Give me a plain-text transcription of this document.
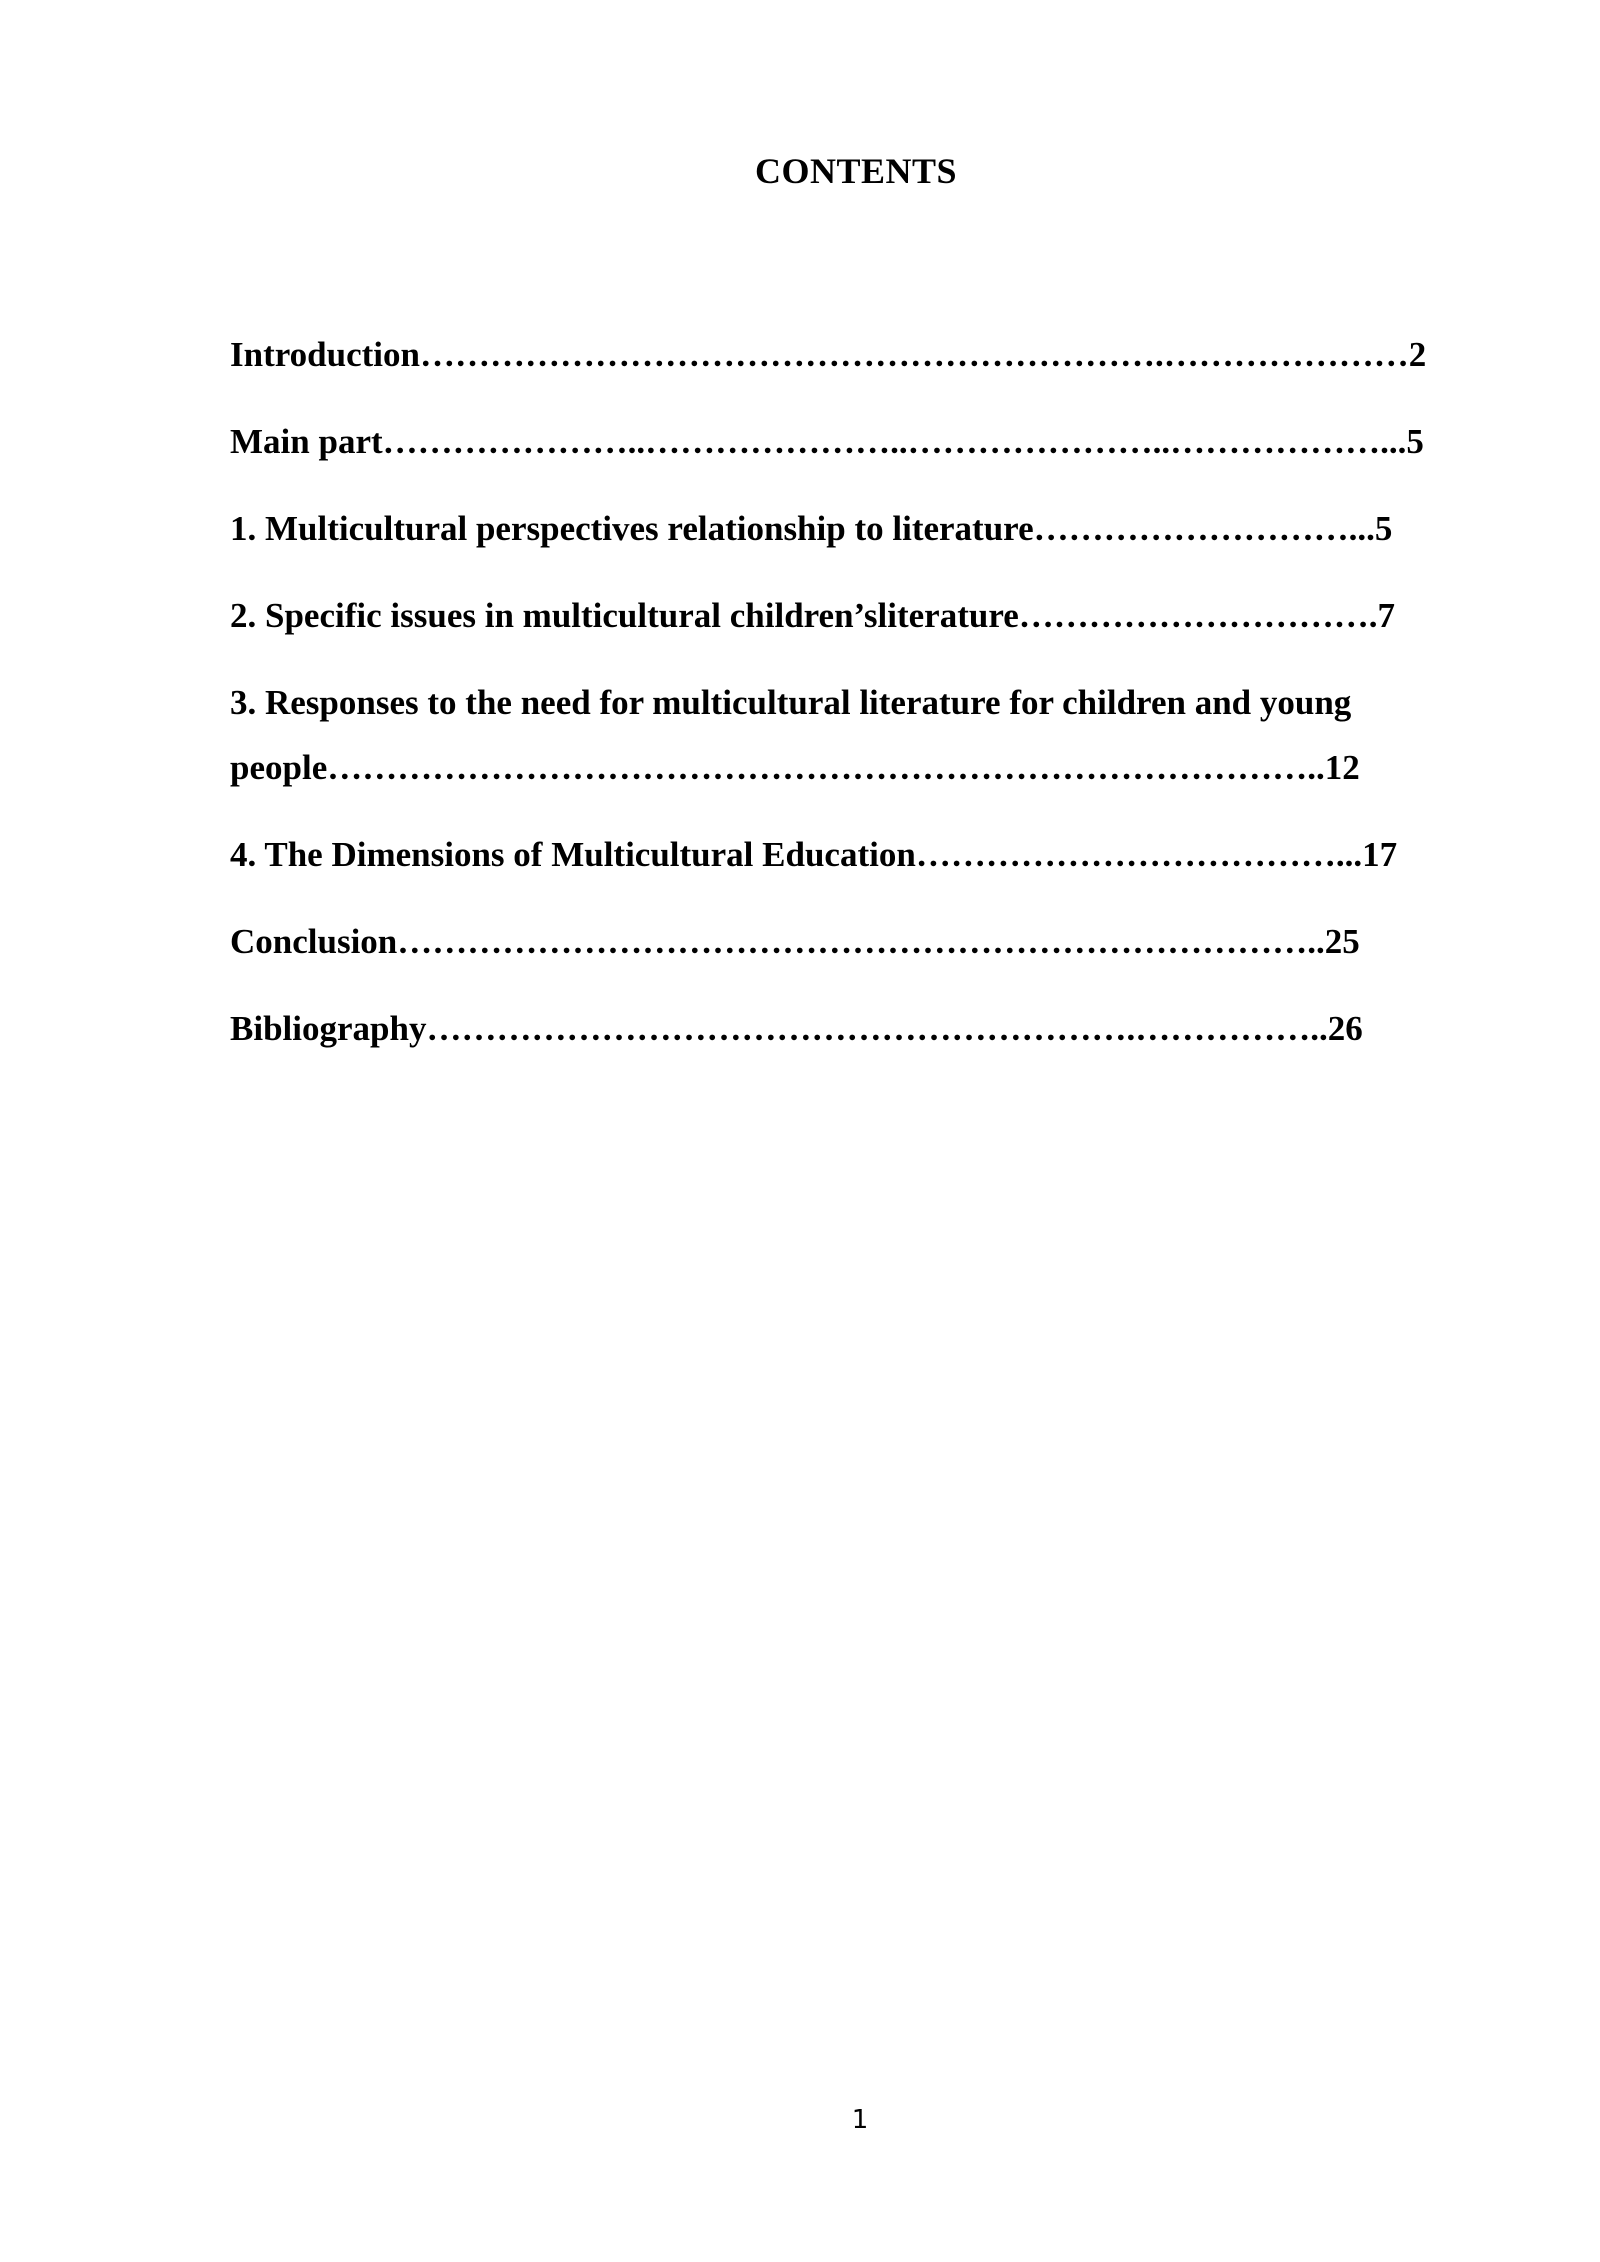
CONTENTS
Introduction……………………………………………………….…………………2
Main part…………………..…………………..…………………..………………...5
1. Multicultural perspectives relationship to literature………………………...5
2. Specific issues in multicultural children’sliterature………………………….7
3. Responses to the need for multicultural literature for children and young people…………………………………………………………………………..12
4. The Dimensions of Multicultural Education………………………………...17
Conclusion……………………………………………………………………..25
Bibliography…………………………………………………….……………..26

1
